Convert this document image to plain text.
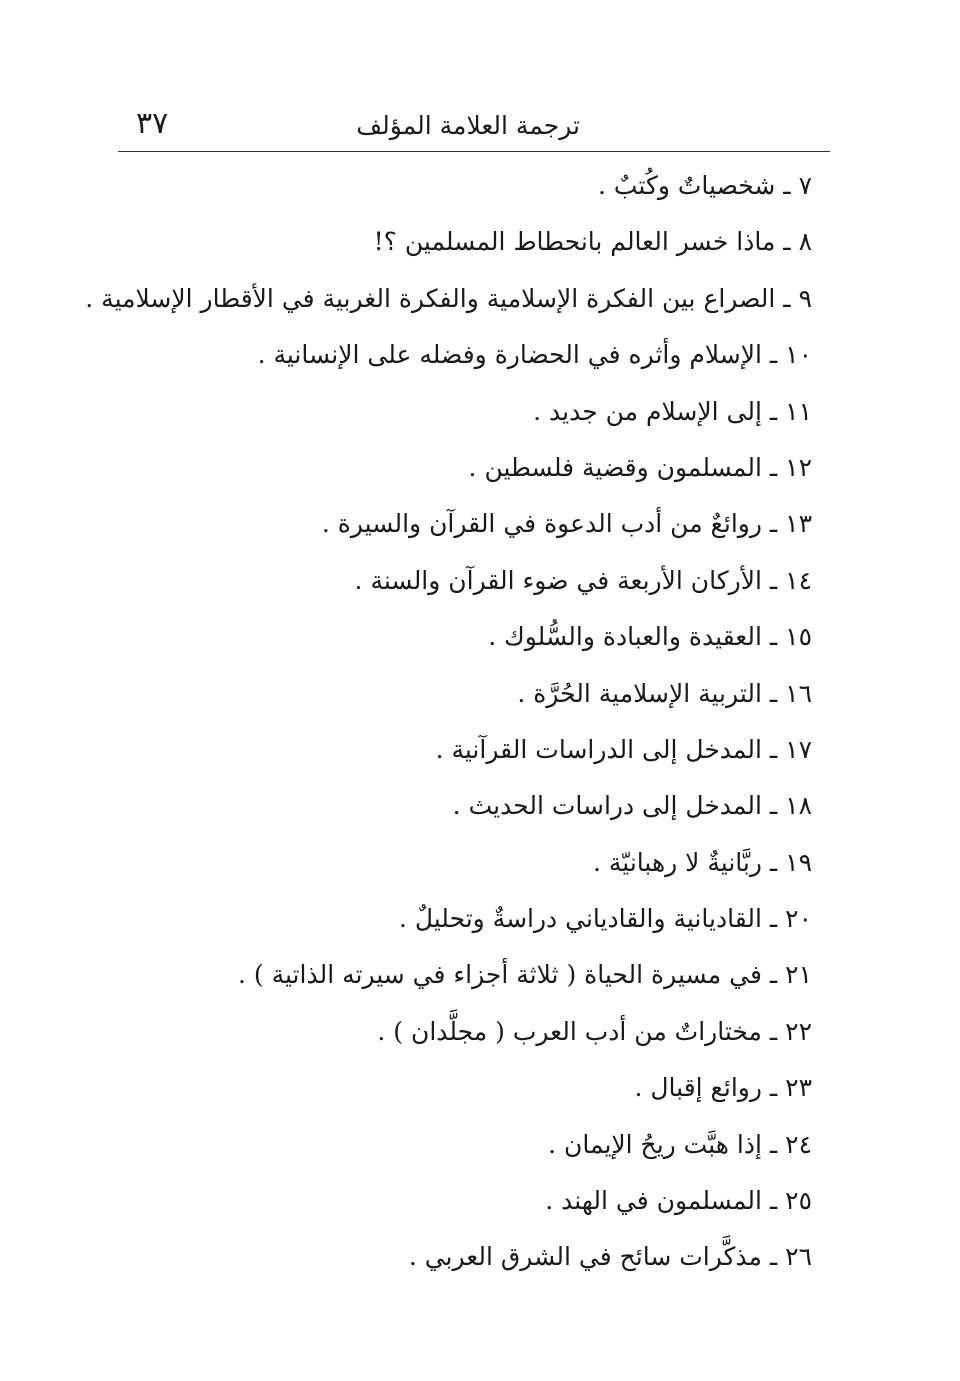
٣٧	ترجمة العلامة المؤلف
٧ ـ شخصياتٌ وكُتبٌ .
٨ ـ ماذا خسر العالم بانحطاط المسلمين ؟!
٩ ـ الصراع بين الفكرة الإسلامية والفكرة الغربية في الأقطار الإسلامية .
١٠ ـ الإسلام وأثره في الحضارة وفضله على الإنسانية .
١١ ـ إلى الإسلام من جديد .
١٢ ـ المسلمون وقضية فلسطين .
١٣ ـ روائعٌ من أدب الدعوة في القرآن والسيرة .
١٤ ـ الأركان الأربعة في ضوء القرآن والسنة .
١٥ ـ العقيدة والعبادة والسُّلوك .
١٦ ـ التربية الإسلامية الحُرَّة .
١٧ ـ المدخل إلى الدراسات القرآنية .
١٨ ـ المدخل إلى دراسات الحديث .
١٩ ـ ربَّانيةٌ لا رهبانيّة .
٢٠ ـ القاديانية والقادياني دراسةٌ وتحليلٌ .
٢١ ـ في مسيرة الحياة ( ثلاثة أجزاء في سيرته الذاتية ) .
٢٢ ـ مختاراتٌ من أدب العرب ( مجلَّدان ) .
٢٣ ـ روائع إقبال .
٢٤ ـ إذا هبَّت ريحُ الإيمان .
٢٥ ـ المسلمون في الهند .
٢٦ ـ مذكَّرات سائح في الشرق العربي .
